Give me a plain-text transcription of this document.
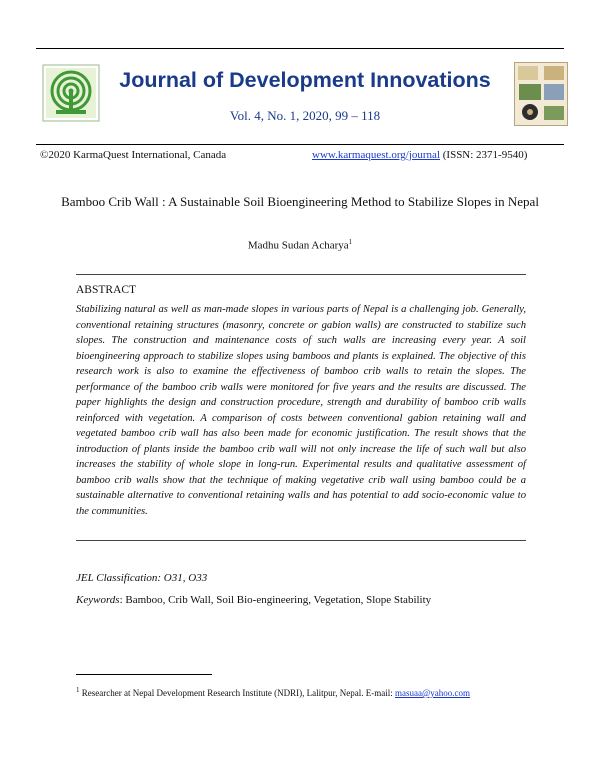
Journal of Development Innovations
Vol. 4, No. 1, 2020, 99 – 118
©2020 KarmaQuest International, Canada	www.karmaquest.org/journal (ISSN: 2371-9540)
Bamboo Crib Wall : A Sustainable Soil Bioengineering Method to Stabilize Slopes in Nepal
Madhu Sudan Acharya$^1$
ABSTRACT
Stabilizing natural as well as man-made slopes in various parts of Nepal is a challenging job. Generally, conventional retaining structures (masonry, concrete or gabion walls) are constructed to stabilize such slopes. The construction and maintenance costs of such walls are increasing every year. A soil bioengineering approach to stabilize slopes using bamboos and plants is explained. The objective of this research work is also to examine the effectiveness of bamboo crib walls to retain the slopes. The performance of the bamboo crib walls were monitored for five years and the results are discussed. The paper highlights the design and construction procedure, strength and durability of bamboo crib walls reinforced with vegetation. A comparison of costs between conventional gabion retaining wall and vegetated bamboo crib wall has also been made for economic justification. The result shows that the introduction of plants inside the bamboo crib wall will not only increase the life of such wall but also increases the stability of whole slope in long-run. Experimental results and qualitative assessment of bamboo crib walls show that the technique of making vegetative crib wall using bamboo could be a sustainable alternative to conventional retaining walls and has potential to add socio-economic value to the communities.
JEL Classification: O31, O33
Keywords: Bamboo, Crib Wall, Soil Bio-engineering, Vegetation, Slope Stability
$^1$ Researcher at Nepal Development Research Institute (NDRI), Lalitpur, Nepal. E-mail: masuaa@yahoo.com
